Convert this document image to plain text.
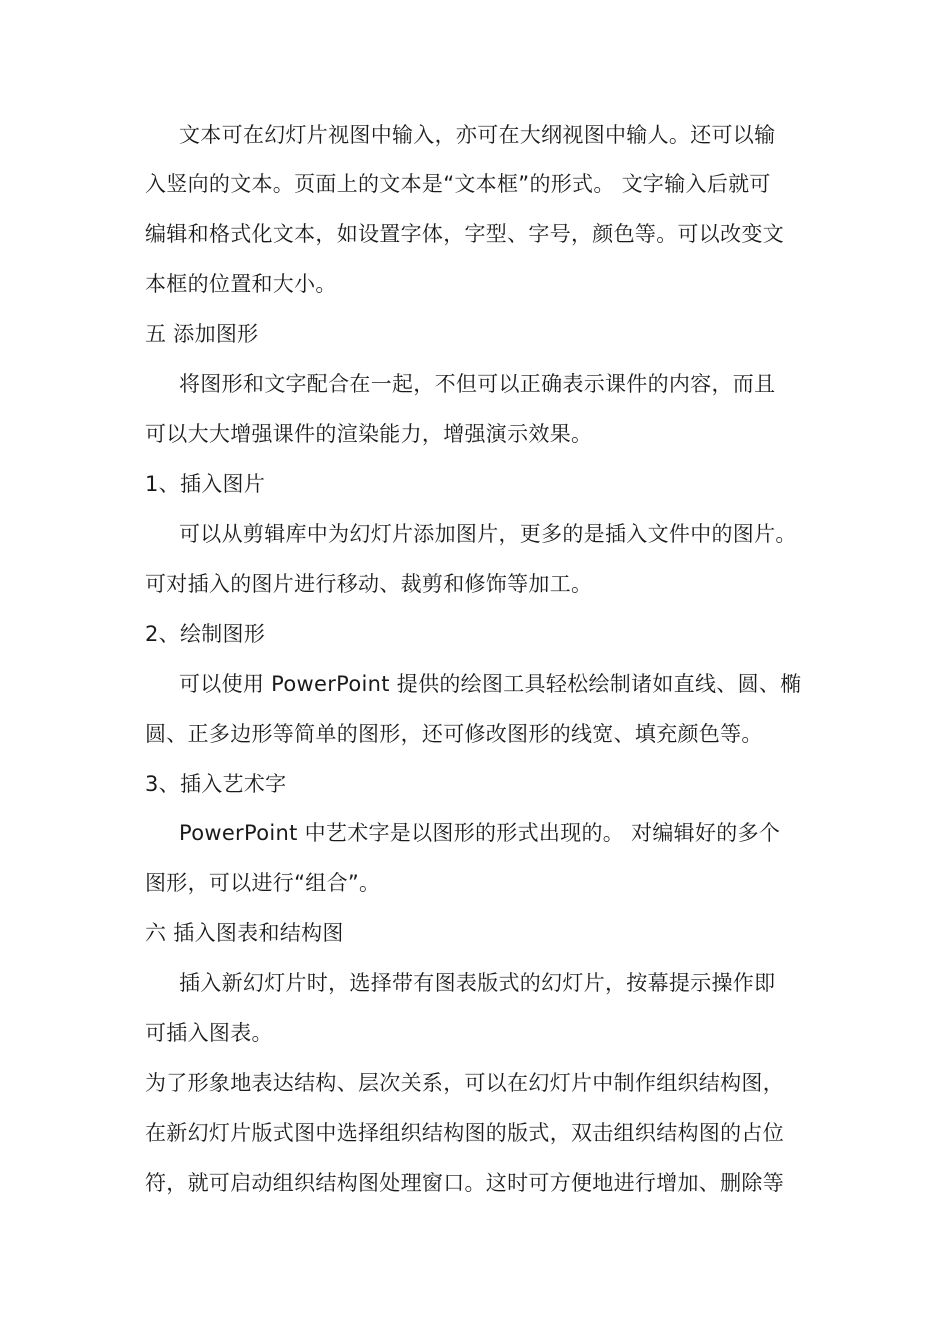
文本可在幻灯片视图中输入，亦可在大纲视图中输人。还可以输
入竖向的文本。页面上的文本是“文本框”的形式。 文字输入后就可
编辑和格式化文本，如设置字体，字型、字号，颜色等。可以改变文
本框的位置和大小。
五 添加图形
将图形和文字配合在一起，不但可以正确表示课件的内容，而且
可以大大增强课件的渲染能力，增强演示效果。
1、插入图片
可以从剪辑库中为幻灯片添加图片，更多的是插入文件中的图片。
可对插入的图片进行移动、裁剪和修饰等加工。
2、绘制图形
可以使用 PowerPoint 提供的绘图工具轻松绘制诸如直线、圆、椭
圆、正多边形等简单的图形，还可修改图形的线宽、填充颜色等。
3、插入艺术字
PowerPoint 中艺术字是以图形的形式出现的。 对编辑好的多个
图形，可以进行“组合”。
六 插入图表和结构图
插入新幻灯片时，选择带有图表版式的幻灯片，按幕提示操作即
可插入图表。
为了形象地表达结构、层次关系，可以在幻灯片中制作组织结构图，
在新幻灯片版式图中选择组织结构图的版式，双击组织结构图的占位
符，就可启动组织结构图处理窗口。这时可方便地进行增加、删除等
